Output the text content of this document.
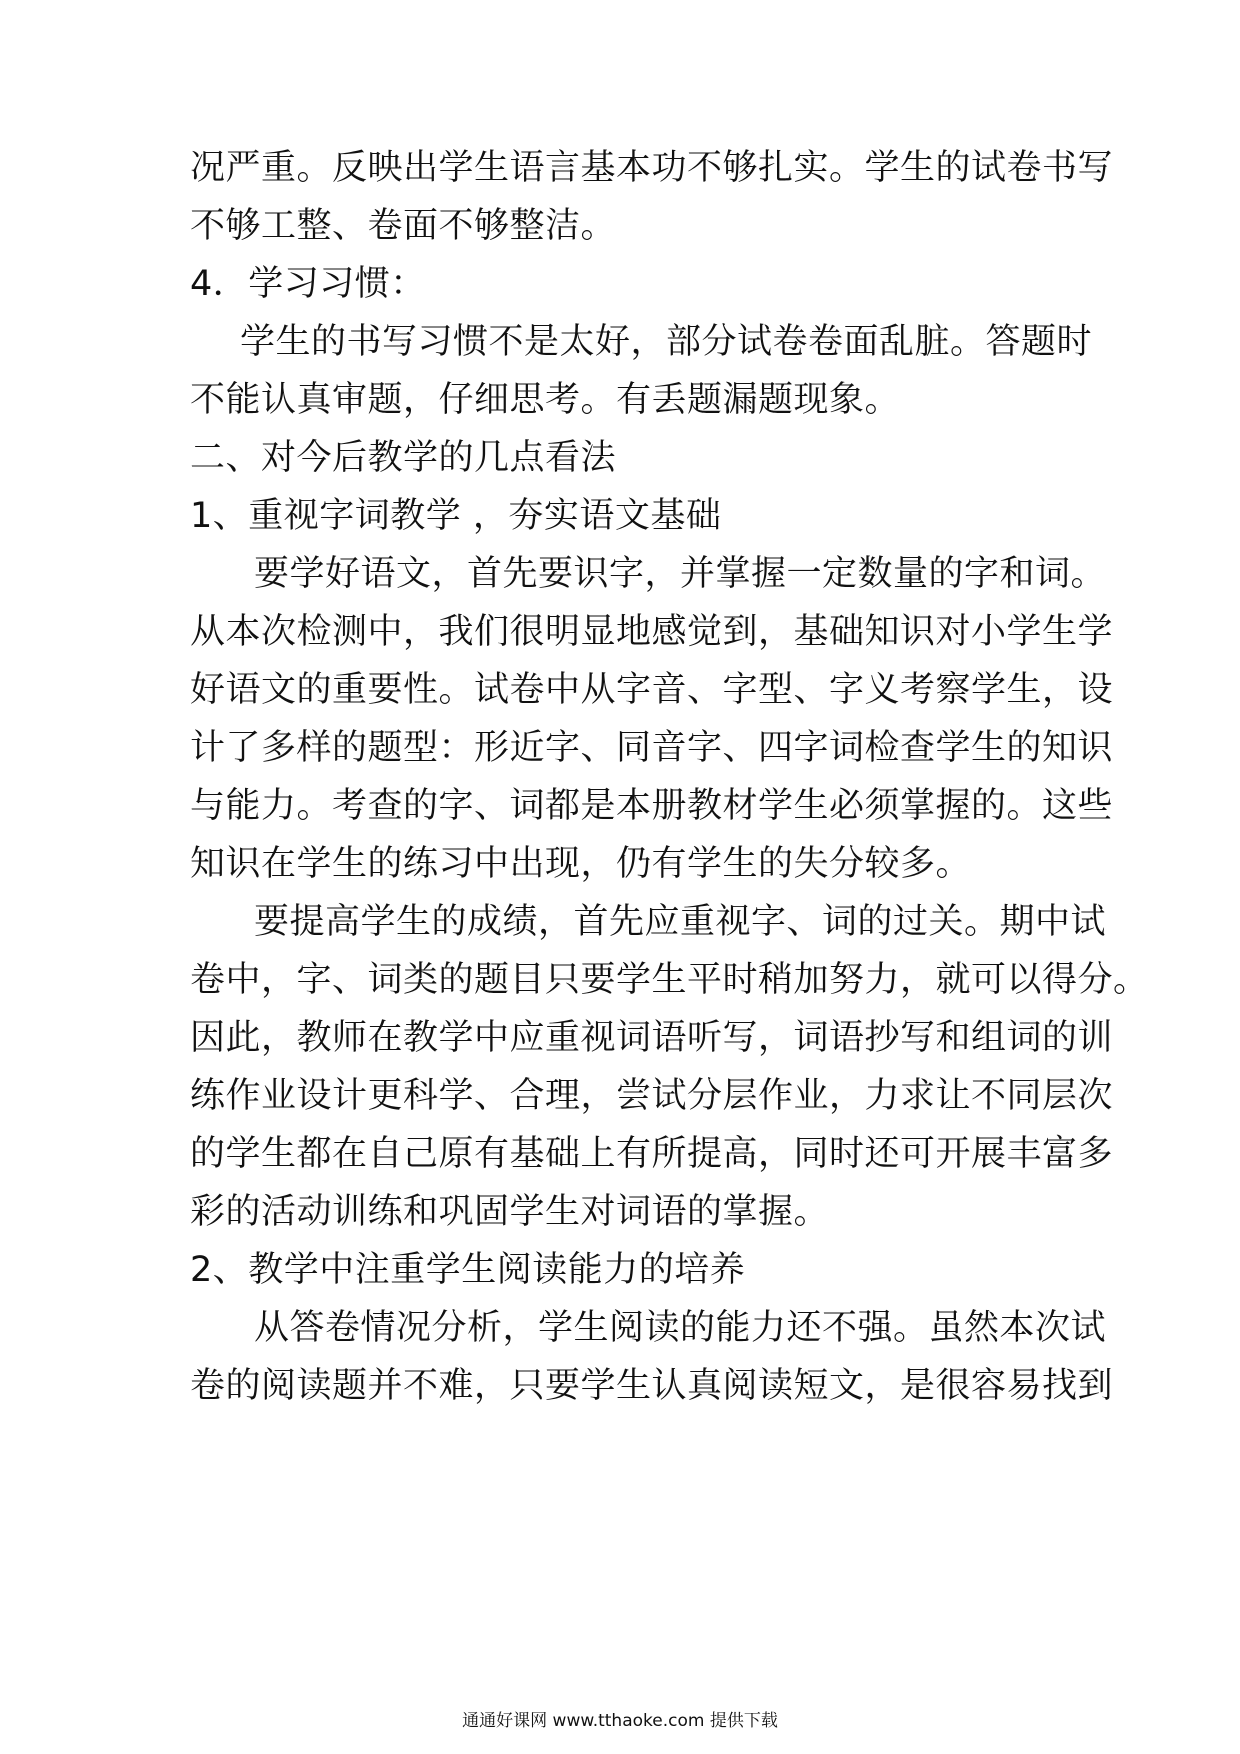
况严重。反映出学生语言基本功不够扎实。学生的试卷书写
不够工整、卷面不够整洁。
4．学习习惯：
学生的书写习惯不是太好，部分试卷卷面乱脏。答题时
不能认真审题，仔细思考。有丢题漏题现象。
二、对今后教学的几点看法
1、重视字词教学 ，夯实语文基础
要学好语文，首先要识字，并掌握一定数量的字和词。
从本次检测中，我们很明显地感觉到，基础知识对小学生学
好语文的重要性。试卷中从字音、字型、字义考察学生，设
计了多样的题型：形近字、同音字、四字词检查学生的知识
与能力。考查的字、词都是本册教材学生必须掌握的。这些
知识在学生的练习中出现，仍有学生的失分较多。
要提高学生的成绩，首先应重视字、词的过关。期中试
卷中，字、词类的题目只要学生平时稍加努力，就可以得分。
因此，教师在教学中应重视词语听写，词语抄写和组词的训
练作业设计更科学、合理，尝试分层作业，力求让不同层次
的学生都在自己原有基础上有所提高，同时还可开展丰富多
彩的活动训练和巩固学生对词语的掌握。
2、教学中注重学生阅读能力的培养
从答卷情况分析，学生阅读的能力还不强。虽然本次试
卷的阅读题并不难，只要学生认真阅读短文，是很容易找到
通通好课网 www.tthaoke.com 提供下载
